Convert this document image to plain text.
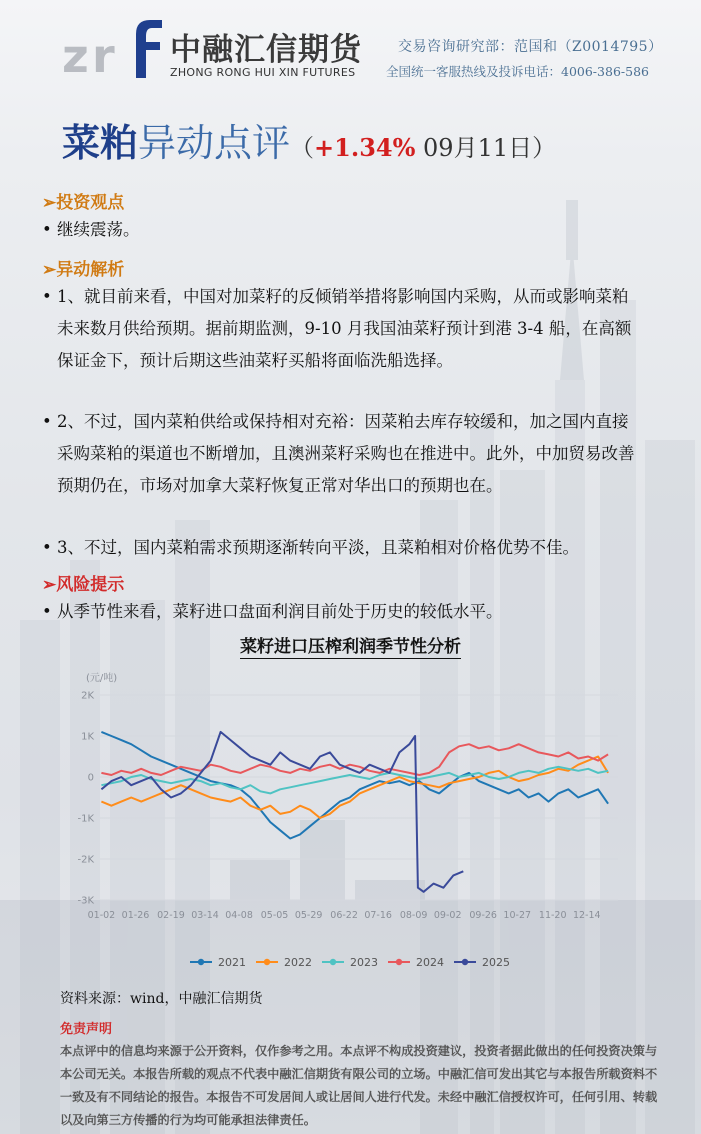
z r 中融汇信期货
ZHONG RONG HUI XIN FUTURES
交易咨询研究部：范国和（Z0014795）
全国统一客服热线及投诉电话：4006-386-586
菜粕异动点评（+1.34% 09月11日）
➢投资观点
• 继续震荡。
➢异动解析
• 1、就目前来看，中国对加菜籽的反倾销举措将影响国内采购，从而或影响菜粕未来数月供给预期。据前期监测，9-10 月我国油菜籽预计到港 3-4 船，在高额保证金下，预计后期这些油菜籽买船将面临洗船选择。
• 2、不过，国内菜粕供给或保持相对充裕：因菜粕去库存较缓和，加之国内直接采购菜粕的渠道也不断增加，且澳洲菜籽采购也在推进中。此外，中加贸易改善预期仍在，市场对加拿大菜籽恢复正常对华出口的预期也在。
• 3、不过，国内菜粕需求预期逐渐转向平淡，且菜粕相对价格优势不佳。
➢风险提示
• 从季节性来看，菜籽进口盘面利润目前处于历史的较低水平。
菜籽进口压榨利润季节性分析
(元/吨)
2K
1K
0
-1K
-2K
-3K
01-02 01-26 02-19 03-14 04-08 05-05 05-29 06-22 07-16 08-09 09-02 09-26 10-27 11-20 12-14
2021	2022	2023	2024	2025
资料来源：wind，中融汇信期货
免责声明
本点评中的信息均来源于公开资料，仅作参考之用。本点评不构成投资建议，投资者据此做出的任何投资决策与本公司无关。本报告所载的观点不代表中融汇信期货有限公司的立场。中融汇信可发出其它与本报告所载资料不一致及有不同结论的报告。本报告不可发居间人或让居间人进行代发。未经中融汇信授权许可，任何引用、转载以及向第三方传播的行为均可能承担法律责任。
